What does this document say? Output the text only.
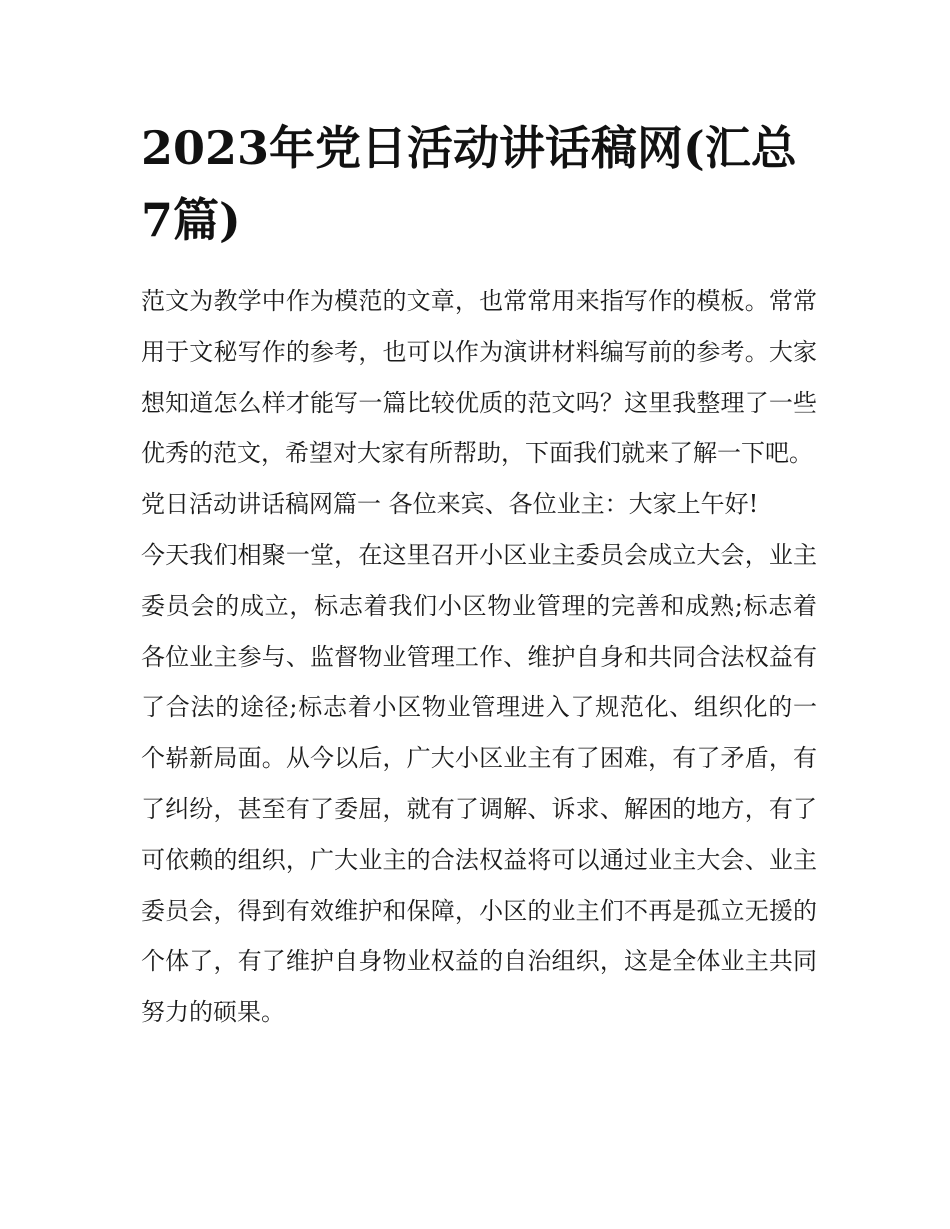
2023年党日活动讲话稿网(汇总7篇)

范文为教学中作为模范的文章，也常常用来指写作的模板。常常用于文秘写作的参考，也可以作为演讲材料编写前的参考。大家想知道怎么样才能写一篇比较优质的范文吗？这里我整理了一些优秀的范文，希望对大家有所帮助，下面我们就来了解一下吧。

党日活动讲话稿网篇一 各位来宾、各位业主：大家上午好!

今天我们相聚一堂，在这里召开小区业主委员会成立大会，业主委员会的成立，标志着我们小区物业管理的完善和成熟;标志着各位业主参与、监督物业管理工作、维护自身和共同合法权益有了合法的途径;标志着小区物业管理进入了规范化、组织化的一个崭新局面。从今以后，广大小区业主有了困难，有了矛盾，有了纠纷，甚至有了委屈，就有了调解、诉求、解困的地方，有了可依赖的组织，广大业主的合法权益将可以通过业主大会、业主委员会，得到有效维护和保障，小区的业主们不再是孤立无援的个体了，有了维护自身物业权益的自治组织，这是全体业主共同努力的硕果。
